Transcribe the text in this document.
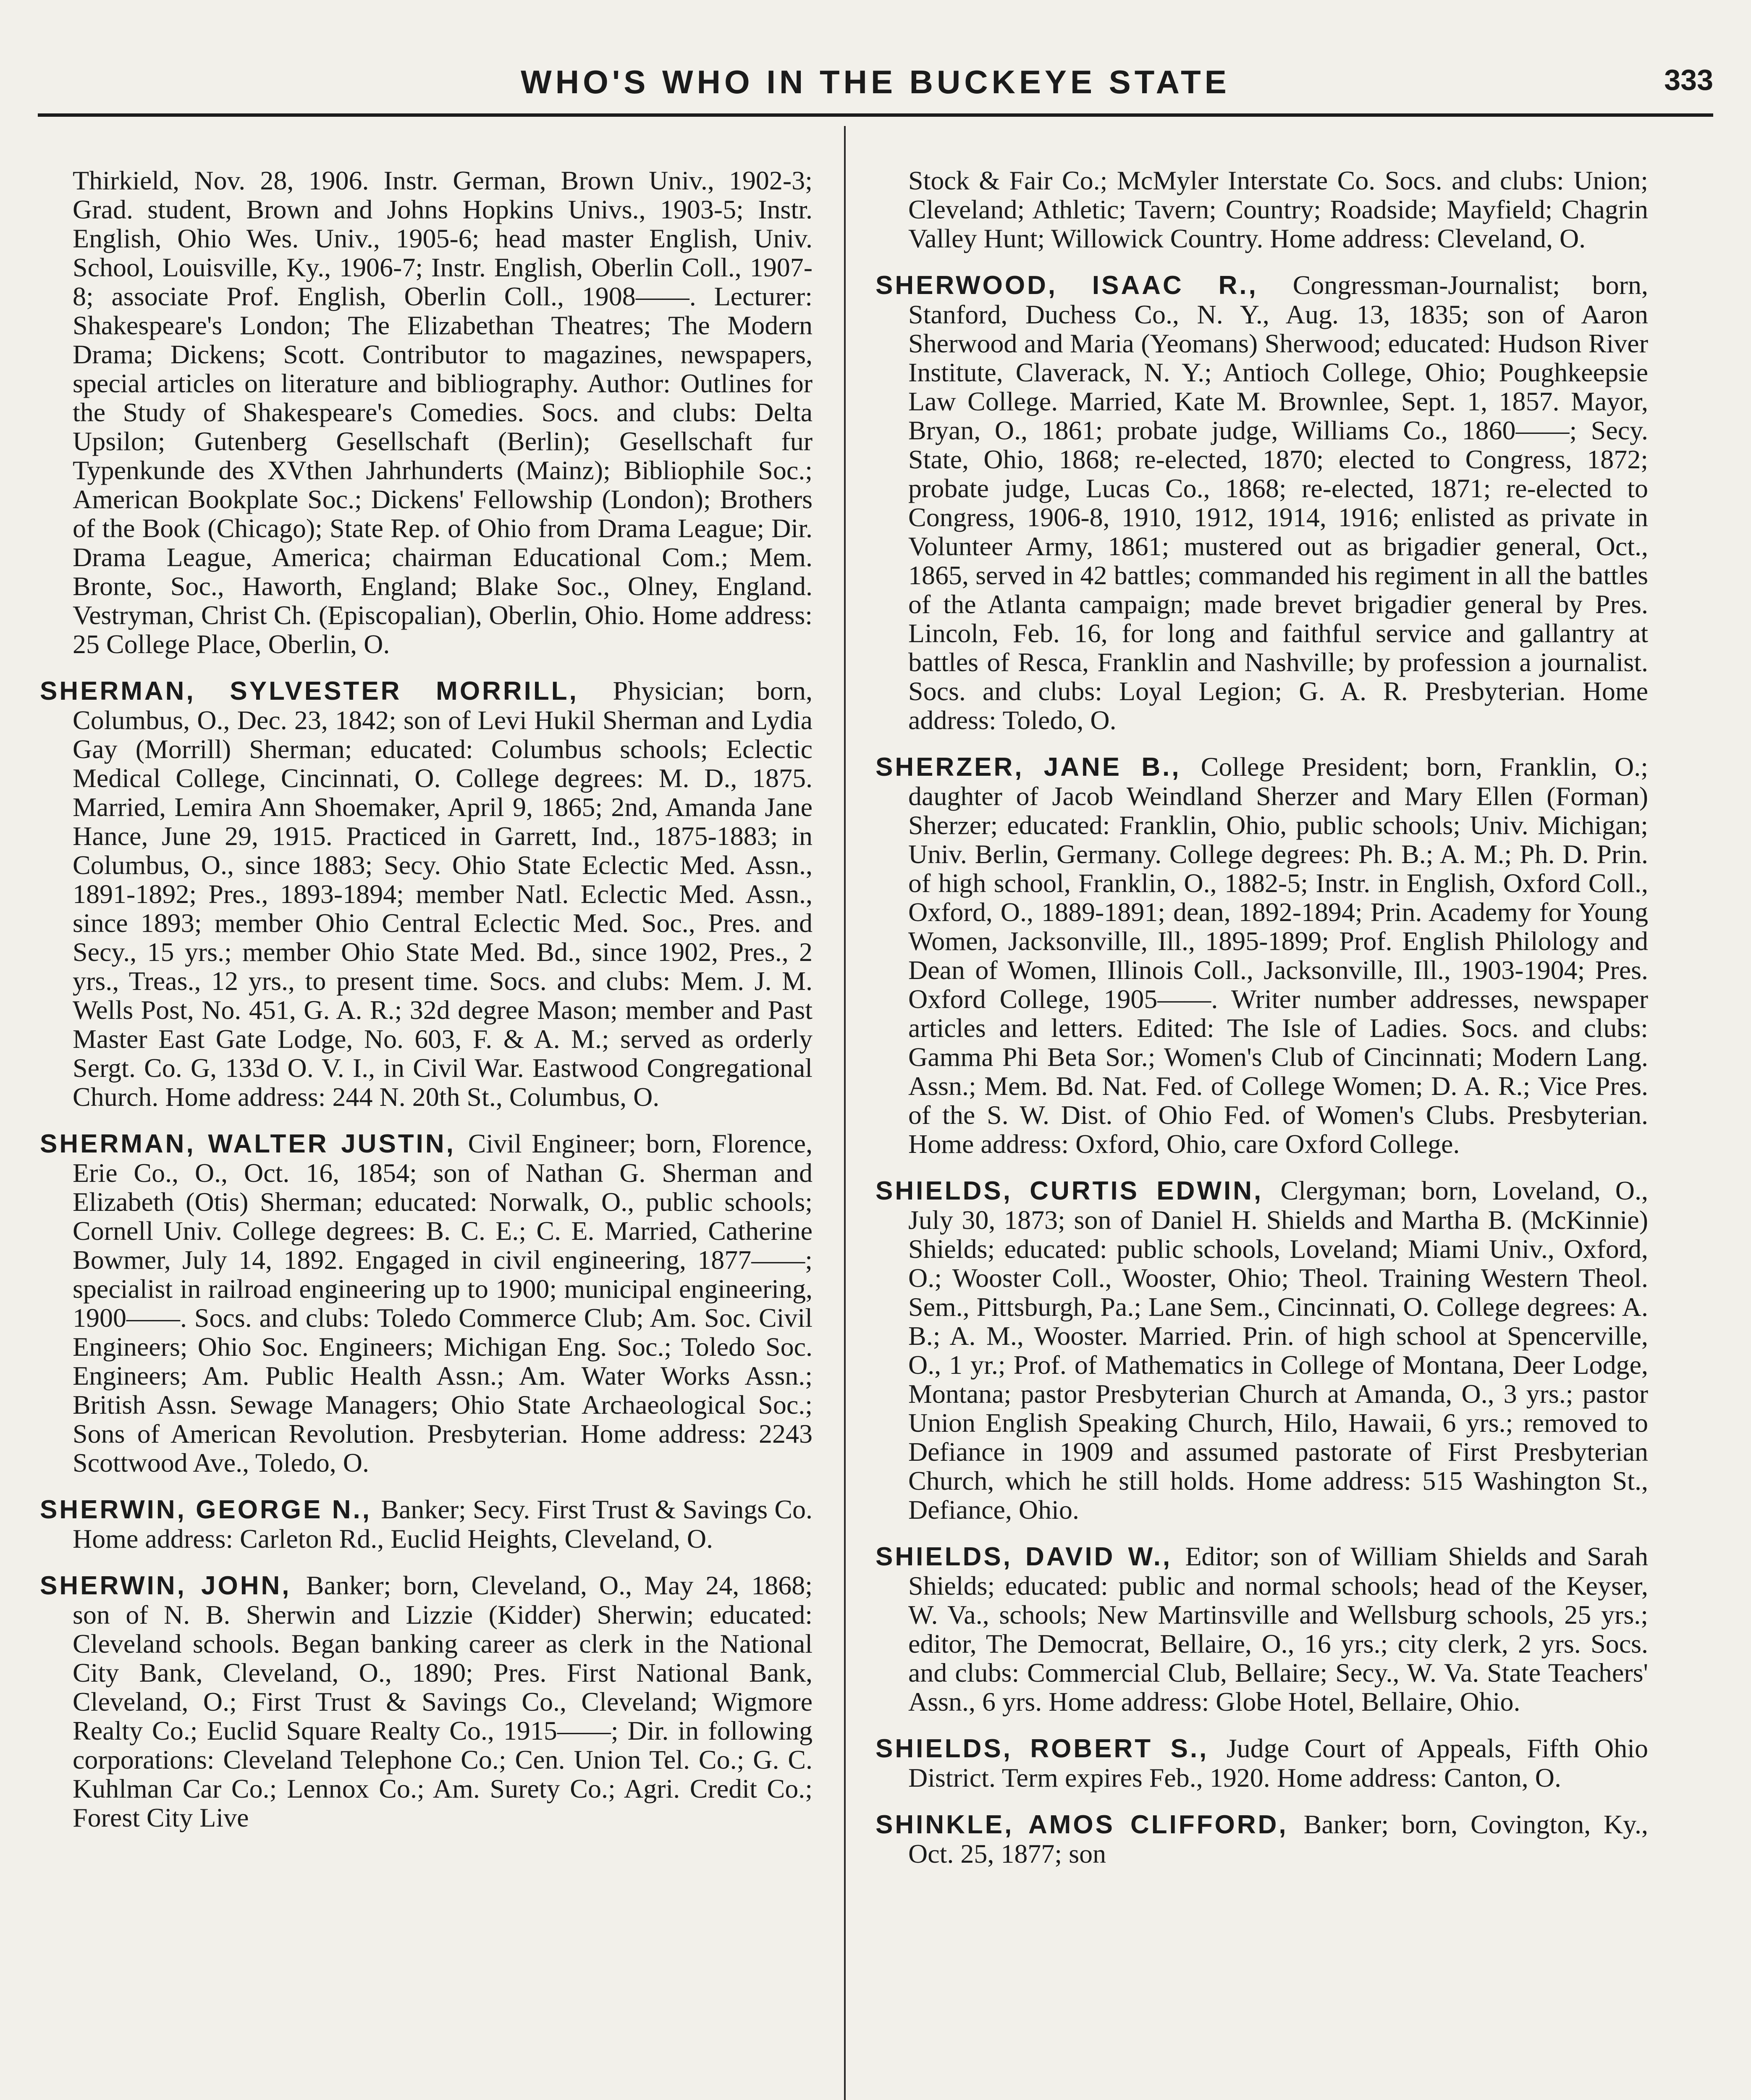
WHO'S WHO IN THE BUCKEYE STATE	333

Thirkield, Nov. 28, 1906. Instr. German, Brown Univ., 1902-3; Grad. student, Brown and Johns Hopkins Univs., 1903-5; Instr. English, Ohio Wes. Univ., 1905-6; head master English, Univ. School, Louisville, Ky., 1906-7; Instr. English, Oberlin Coll., 1907-8; associate Prof. English, Oberlin Coll., 1908——. Lecturer: Shakespeare's London; The Elizabethan Theatres; The Modern Drama; Dickens; Scott. Contributor to magazines, newspapers, special articles on literature and bibliography. Author: Outlines for the Study of Shakespeare's Comedies. Socs. and clubs: Delta Upsilon; Gutenberg Gesellschaft (Berlin); Gesellschaft fur Typenkunde des XVthen Jahrhunderts (Mainz); Bibliophile Soc.; American Bookplate Soc.; Dickens' Fellowship (London); Brothers of the Book (Chicago); State Rep. of Ohio from Drama League; Dir. Drama League, America; chairman Educational Com.; Mem. Bronte, Soc., Haworth, England; Blake Soc., Olney, England. Vestryman, Christ Ch. (Episcopalian), Oberlin, Ohio. Home address: 25 College Place, Oberlin, O.

SHERMAN, SYLVESTER MORRILL, Physician; born, Columbus, O., Dec. 23, 1842; son of Levi Hukil Sherman and Lydia Gay (Morrill) Sherman; educated: Columbus schools; Eclectic Medical College, Cincinnati, O. College degrees: M. D., 1875. Married, Lemira Ann Shoemaker, April 9, 1865; 2nd, Amanda Jane Hance, June 29, 1915. Practiced in Garrett, Ind., 1875-1883; in Columbus, O., since 1883; Secy. Ohio State Eclectic Med. Assn., 1891-1892; Pres., 1893-1894; member Natl. Eclectic Med. Assn., since 1893; member Ohio Central Eclectic Med. Soc., Pres. and Secy., 15 yrs.; member Ohio State Med. Bd., since 1902, Pres., 2 yrs., Treas., 12 yrs., to present time. Socs. and clubs: Mem. J. M. Wells Post, No. 451, G. A. R.; 32d degree Mason; member and Past Master East Gate Lodge, No. 603, F. & A. M.; served as orderly Sergt. Co. G, 133d O. V. I., in Civil War. Eastwood Congregational Church. Home address: 244 N. 20th St., Columbus, O.

SHERMAN, WALTER JUSTIN, Civil Engineer; born, Florence, Erie Co., O., Oct. 16, 1854; son of Nathan G. Sherman and Elizabeth (Otis) Sherman; educated: Norwalk, O., public schools; Cornell Univ. College degrees: B. C. E.; C. E. Married, Catherine Bowmer, July 14, 1892. Engaged in civil engineering, 1877——; specialist in railroad engineering up to 1900; municipal engineering, 1900——. Socs. and clubs: Toledo Commerce Club; Am. Soc. Civil Engineers; Ohio Soc. Engineers; Michigan Eng. Soc.; Toledo Soc. Engineers; Am. Public Health Assn.; Am. Water Works Assn.; British Assn. Sewage Managers; Ohio State Archaeological Soc.; Sons of American Revolution. Presbyterian. Home address: 2243 Scottwood Ave., Toledo, O.

SHERWIN, GEORGE N., Banker; Secy. First Trust & Savings Co. Home address: Carleton Rd., Euclid Heights, Cleveland, O.

SHERWIN, JOHN, Banker; born, Cleveland, O., May 24, 1868; son of N. B. Sherwin and Lizzie (Kidder) Sherwin; educated: Cleveland schools. Began banking career as clerk in the National City Bank, Cleveland, O., 1890; Pres. First National Bank, Cleveland, O.; First Trust & Savings Co., Cleveland; Wigmore Realty Co.; Euclid Square Realty Co., 1915——; Dir. in following corporations: Cleveland Telephone Co.; Cen. Union Tel. Co.; G. C. Kuhlman Car Co.; Lennox Co.; Am. Surety Co.; Agri. Credit Co.; Forest City Live

Stock & Fair Co.; McMyler Interstate Co. Socs. and clubs: Union; Cleveland; Athletic; Tavern; Country; Roadside; Mayfield; Chagrin Valley Hunt; Willowick Country. Home address: Cleveland, O.

SHERWOOD, ISAAC R., Congressman-Journalist; born, Stanford, Duchess Co., N. Y., Aug. 13, 1835; son of Aaron Sherwood and Maria (Yeomans) Sherwood; educated: Hudson River Institute, Claverack, N. Y.; Antioch College, Ohio; Poughkeepsie Law College. Married, Kate M. Brownlee, Sept. 1, 1857. Mayor, Bryan, O., 1861; probate judge, Williams Co., 1860——; Secy. State, Ohio, 1868; re-elected, 1870; elected to Congress, 1872; probate judge, Lucas Co., 1868; re-elected, 1871; re-elected to Congress, 1906-8, 1910, 1912, 1914, 1916; enlisted as private in Volunteer Army, 1861; mustered out as brigadier general, Oct., 1865, served in 42 battles; commanded his regiment in all the battles of the Atlanta campaign; made brevet brigadier general by Pres. Lincoln, Feb. 16, for long and faithful service and gallantry at battles of Resca, Franklin and Nashville; by profession a journalist. Socs. and clubs: Loyal Legion; G. A. R. Presbyterian. Home address: Toledo, O.

SHERZER, JANE B., College President; born, Franklin, O.; daughter of Jacob Weindland Sherzer and Mary Ellen (Forman) Sherzer; educated: Franklin, Ohio, public schools; Univ. Michigan; Univ. Berlin, Germany. College degrees: Ph. B.; A. M.; Ph. D. Prin. of high school, Franklin, O., 1882-5; Instr. in English, Oxford Coll., Oxford, O., 1889-1891; dean, 1892-1894; Prin. Academy for Young Women, Jacksonville, Ill., 1895-1899; Prof. English Philology and Dean of Women, Illinois Coll., Jacksonville, Ill., 1903-1904; Pres. Oxford College, 1905——. Writer number addresses, newspaper articles and letters. Edited: The Isle of Ladies. Socs. and clubs: Gamma Phi Beta Sor.; Women's Club of Cincinnati; Modern Lang. Assn.; Mem. Bd. Nat. Fed. of College Women; D. A. R.; Vice Pres. of the S. W. Dist. of Ohio Fed. of Women's Clubs. Presbyterian. Home address: Oxford, Ohio, care Oxford College.

SHIELDS, CURTIS EDWIN, Clergyman; born, Loveland, O., July 30, 1873; son of Daniel H. Shields and Martha B. (McKinnie) Shields; educated: public schools, Loveland; Miami Univ., Oxford, O.; Wooster Coll., Wooster, Ohio; Theol. Training Western Theol. Sem., Pittsburgh, Pa.; Lane Sem., Cincinnati, O. College degrees: A. B.; A. M., Wooster. Married. Prin. of high school at Spencerville, O., 1 yr.; Prof. of Mathematics in College of Montana, Deer Lodge, Montana; pastor Presbyterian Church at Amanda, O., 3 yrs.; pastor Union English Speaking Church, Hilo, Hawaii, 6 yrs.; removed to Defiance in 1909 and assumed pastorate of First Presbyterian Church, which he still holds. Home address: 515 Washington St., Defiance, Ohio.

SHIELDS, DAVID W., Editor; son of William Shields and Sarah Shields; educated: public and normal schools; head of the Keyser, W. Va., schools; New Martinsville and Wellsburg schools, 25 yrs.; editor, The Democrat, Bellaire, O., 16 yrs.; city clerk, 2 yrs. Socs. and clubs: Commercial Club, Bellaire; Secy., W. Va. State Teachers' Assn., 6 yrs. Home address: Globe Hotel, Bellaire, Ohio.

SHIELDS, ROBERT S., Judge Court of Appeals, Fifth Ohio District. Term expires Feb., 1920. Home address: Canton, O.

SHINKLE, AMOS CLIFFORD, Banker; born, Covington, Ky., Oct. 25, 1877; son
